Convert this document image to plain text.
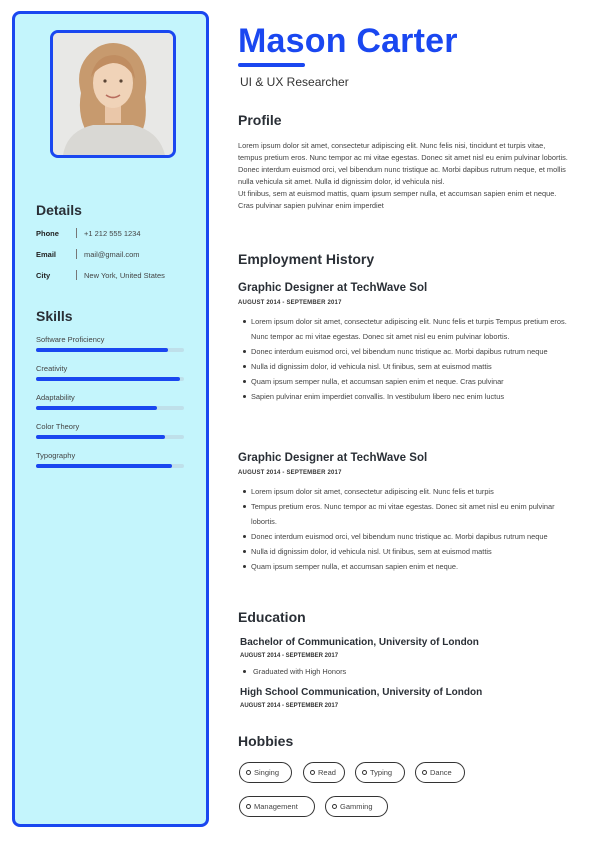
Details
Phone	+1 212 555 1234
Email	mail@gmail.com
City	New York, United States
Skills
Software Proficiency
Creativity
Adaptability
Color Theory
Typography
Mason Carter
UI & UX Researcher
Profile

Lorem ipsum dolor sit amet, consectetur adipiscing elit. Nunc felis nisi, tincidunt et turpis vitae, tempus pretium eros. Nunc tempor ac mi vitae egestas. Donec sit amet nisl eu enim pulvinar lobortis. Donec interdum euismod orci, vel bibendum nunc tristique ac. Morbi dapibus rutrum neque, et mollis nulla vehicula sit amet. Nulla id dignissim dolor, id vehicula nisl.
Ut finibus, sem at euismod mattis, quam ipsum semper nulla, et accumsan sapien enim et neque. Cras pulvinar sapien pulvinar enim imperdiet

Employment History
Graphic Designer at TechWave Sol
AUGUST 2014 - SEPTEMBER 2017
Lorem ipsum dolor sit amet, consectetur adipiscing elit. Nunc felis et turpis Tempus pretium eros. Nunc tempor ac mi vitae egestas. Donec sit amet nisl eu enim pulvinar lobortis.
Donec interdum euismod orci, vel bibendum nunc tristique ac. Morbi dapibus rutrum neque
Nulla id dignissim dolor, id vehicula nisl. Ut finibus, sem at euismod mattis
Quam ipsum semper nulla, et accumsan sapien enim et neque. Cras pulvinar
Sapien pulvinar enim imperdiet convallis. In vestibulum libero nec enim luctus
Graphic Designer at TechWave Sol
AUGUST 2014 - SEPTEMBER 2017
Lorem ipsum dolor sit amet, consectetur adipiscing elit. Nunc felis et turpis
Tempus pretium eros. Nunc tempor ac mi vitae egestas. Donec sit amet nisl eu enim pulvinar lobortis.
Donec interdum euismod orci, vel bibendum nunc tristique ac. Morbi dapibus rutrum neque
Nulla id dignissim dolor, id vehicula nisl. Ut finibus, sem at euismod mattis
Quam ipsum semper nulla, et accumsan sapien enim et neque.
Education
Bachelor of Communication, University of London
AUGUST 2014 - SEPTEMBER 2017
Graduated with High Honors
High School Communication, University of London
AUGUST 2014 - SEPTEMBER 2017
Hobbies
Singing	Read	Typing	Dance
Management	Gamming
